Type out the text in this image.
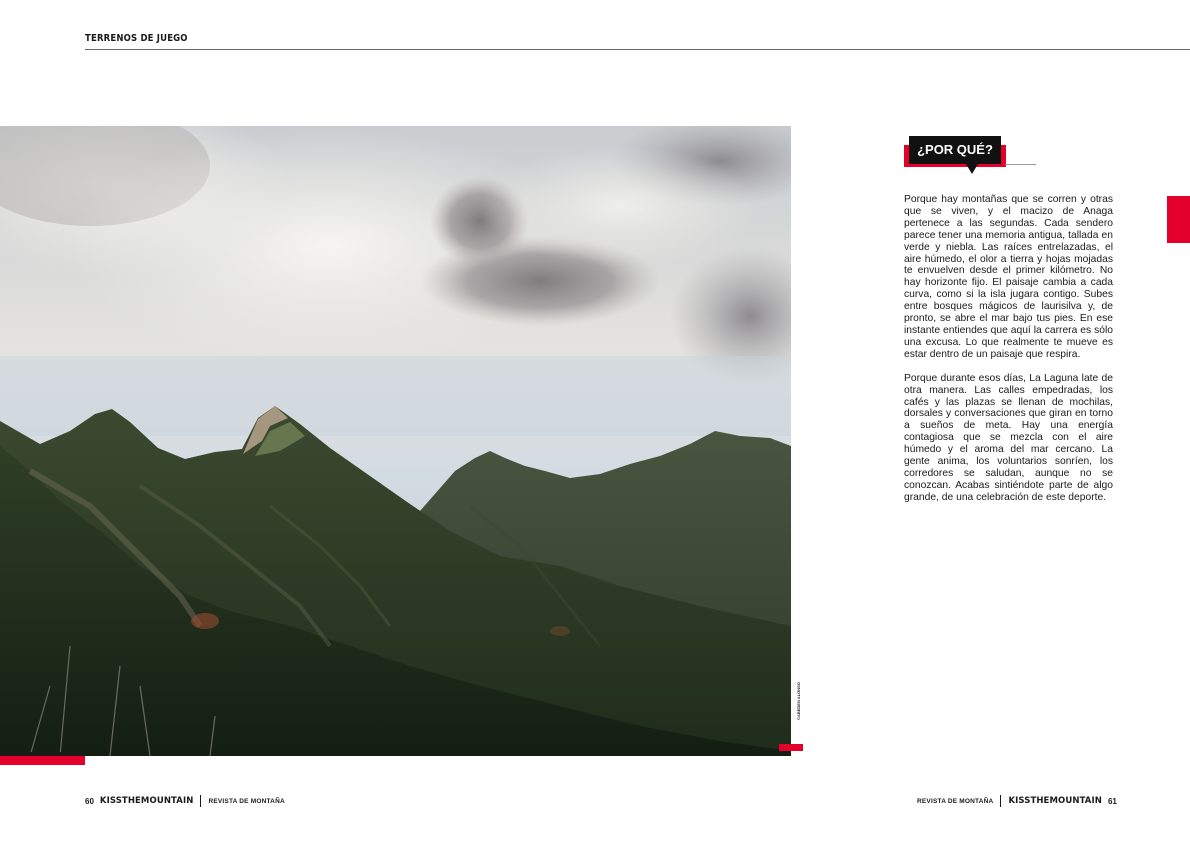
TERRENOS DE JUEGO
©ABEDEN ALONSO
¿POR QUÉ?

Porque hay montañas que se corren y otras que se viven, y el macizo de Anaga pertenece a las segundas. Cada sendero parece tener una memoria antigua, tallada en verde y niebla. Las raíces entrelazadas, el aire húmedo, el olor a tierra y hojas mojadas te envuelven desde el primer kilómetro. No hay horizonte fijo. El paisaje cambia a cada curva, como si la isla jugara contigo. Subes entre bosques mágicos de laurisilva y, de pronto, se abre el mar bajo tus pies. En ese instante entiendes que aquí la carrera es sólo una excusa. Lo que realmente te mueve es estar dentro de un paisaje que respira.

Porque durante esos días, La Laguna late de otra manera. Las calles empedradas, los cafés y las plazas se llenan de mochilas, dorsales y conversaciones que giran en torno a sueños de meta. Hay una energía contagiosa que se mezcla con el aire húmedo y el aroma del mar cercano. La gente anima, los voluntarios sonríen, los corredores se saludan, aunque no se conozcan. Acabas sintiéndote parte de algo grande, de una celebración de este deporte.

60 KISSTHEMOUNTAIN REVISTA DE MONTAÑA	REVISTA DE MONTAÑA KISSTHEMOUNTAIN 61
